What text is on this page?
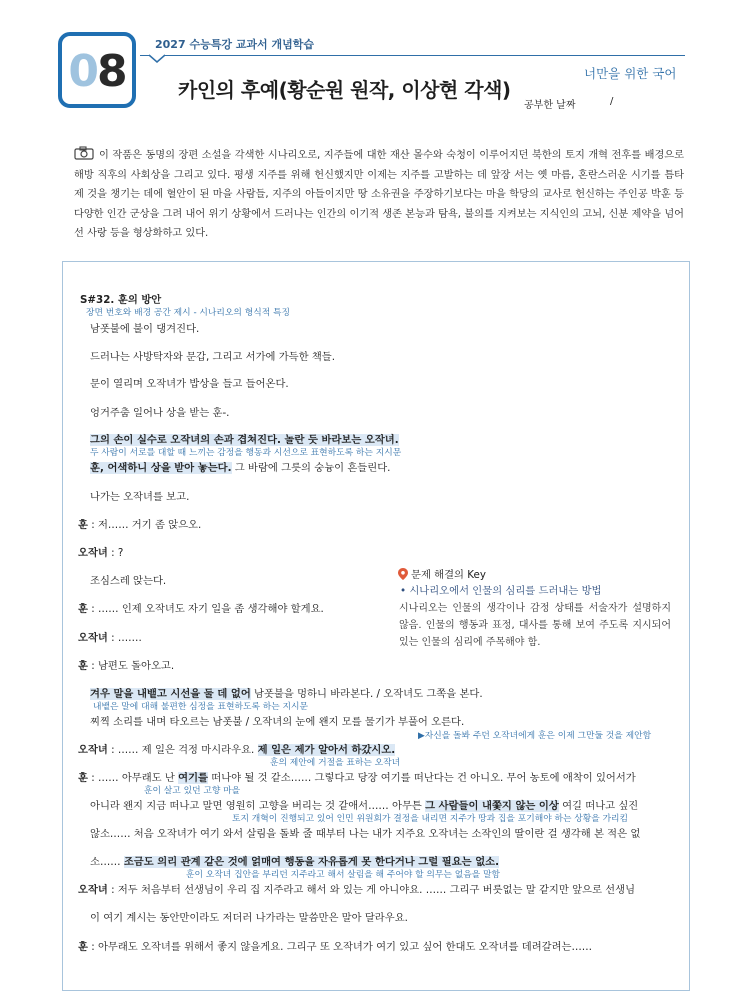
08
2027 수능특강 교과서 개념학습
카인의 후예(황순원 원작, 이상현 각색)
너만을 위한 국어
공부한 날짜	/
이 작품은 동명의 장편 소설을 각색한 시나리오로, 지주들에 대한 재산 몰수와 숙청이 이루어지던 북한의 토지 개혁 전후를 배경으로 해방 직후의 사회상을 그리고 있다. 평생 지주를 위해 헌신했지만 이제는 지주를 고발하는 데 앞장 서는 옛 마름, 혼란스러운 시기를 틈타 제 것을 챙기는 데에 혈안이 된 마을 사람들, 지주의 아들이지만 땅 소유권을 주장하기보다는 마을 학당의 교사로 헌신하는 주인공 박훈 등 다양한 인간 군상을 그려 내어 위기 상황에서 드러나는 인간의 이기적 생존 본능과 탐욕, 불의를 지켜보는 지식인의 고뇌, 신분 제약을 넘어선 사랑 등을 형상화하고 있다.
S#32. 훈의 방안
장면 번호와 배경 공간 제시 - 시나리오의 형식적 특징
남폿불에 불이 댕겨진다.
드러나는 사방탁자와 문갑, 그리고 서가에 가득한 책들.
문이 열리며 오작녀가 밥상을 들고 들어온다.
엉거주춤 일어나 상을 받는 훈-.
그의 손이 실수로 오작녀의 손과 겹쳐진다. 놀란 듯 바라보는 오작녀.
두 사람이 서로를 대할 때 느끼는 감정을 행동과 시선으로 표현하도록 하는 지시문
훈, 어색하니 상을 받아 놓는다. 그 바람에 그릇의 숭늉이 흔들린다.
나가는 오작녀를 보고.
훈 : 저…… 거기 좀 앉으오.
오작녀 : ?
조심스레 앉는다.
훈 : …… 인제 오작녀도 자기 일을 좀 생각해야 할게요.
오작녀 : …….
훈 : 남편도 돌아오고.
겨우 말을 내뱉고 시선을 둘 데 없어 남폿불을 멍하니 바라본다. / 오작녀도 그쪽을 본다.
내뱉은 말에 대해 불편한 심정을 표현하도록 하는 지시문
찌찍 소리를 내며 타오르는 남폿불 / 오작녀의 눈에 왠지 모를 물기가 부풀어 오른다.
▶자신을 돌봐 주던 오작녀에게 훈은 이제 그만둘 것을 제안함
오작녀 : …… 제 일은 걱정 마시라우요. 제 일은 제가 알아서 하갔시오.
훈의 제안에 거절을 표하는 오작녀
훈 : …… 아무래도 난 여기를 떠나야 될 것 같소…… 그렇다고 당장 여기를 떠난다는 건 아니오. 무어 농토에 애착이 있어서가
훈이 살고 있던 고향 마을
아니라 왠지 지금 떠나고 말면 영원히 고향을 버리는 것 같애서…… 아무튼 그 사람들이 내쫓지 않는 이상 여길 떠나고 싶진
토지 개혁이 진행되고 있어 인민 위원회가 결정을 내리면 지주가 땅과 집을 포기해야 하는 상황을 가리킴
않소…… 처음 오작녀가 여기 와서 살림을 돌봐 줄 때부터 나는 내가 지주요 오작녀는 소작인의 딸이란 걸 생각해 본 적은 없
소…… 조금도 의리 관계 같은 것에 얽매여 행동을 자유롭게 못 한다거나 그럴 필요는 없소.
훈이 오작녀 집안을 부리던 지주라고 해서 살림을 해 주어야 할 의무는 없음을 말함
오작녀 : 저두 처음부터 선생님이 우리 집 지주라고 해서 와 있는 게 아니야요. …… 그리구 버릇없는 말 같지만 앞으로 선생님
이 여기 계시는 동안만이라도 저더러 나가라는 말씀만은 말아 달라우요.
훈 : 아무래도 오작녀를 위해서 좋지 않을게요. 그리구 또 오작녀가 여기 있고 싶어 한대도 오작녀를 데려갈려는……
문제 해결의 Key
• 시나리오에서 인물의 심리를 드러내는 방법
시나리오는 인물의 생각이나 감정 상태를 서술자가 설명하지 않음. 인물의 행동과 표정, 대사를 통해 보여 주도록 지시되어 있는 인물의 심리에 주목해야 함.
